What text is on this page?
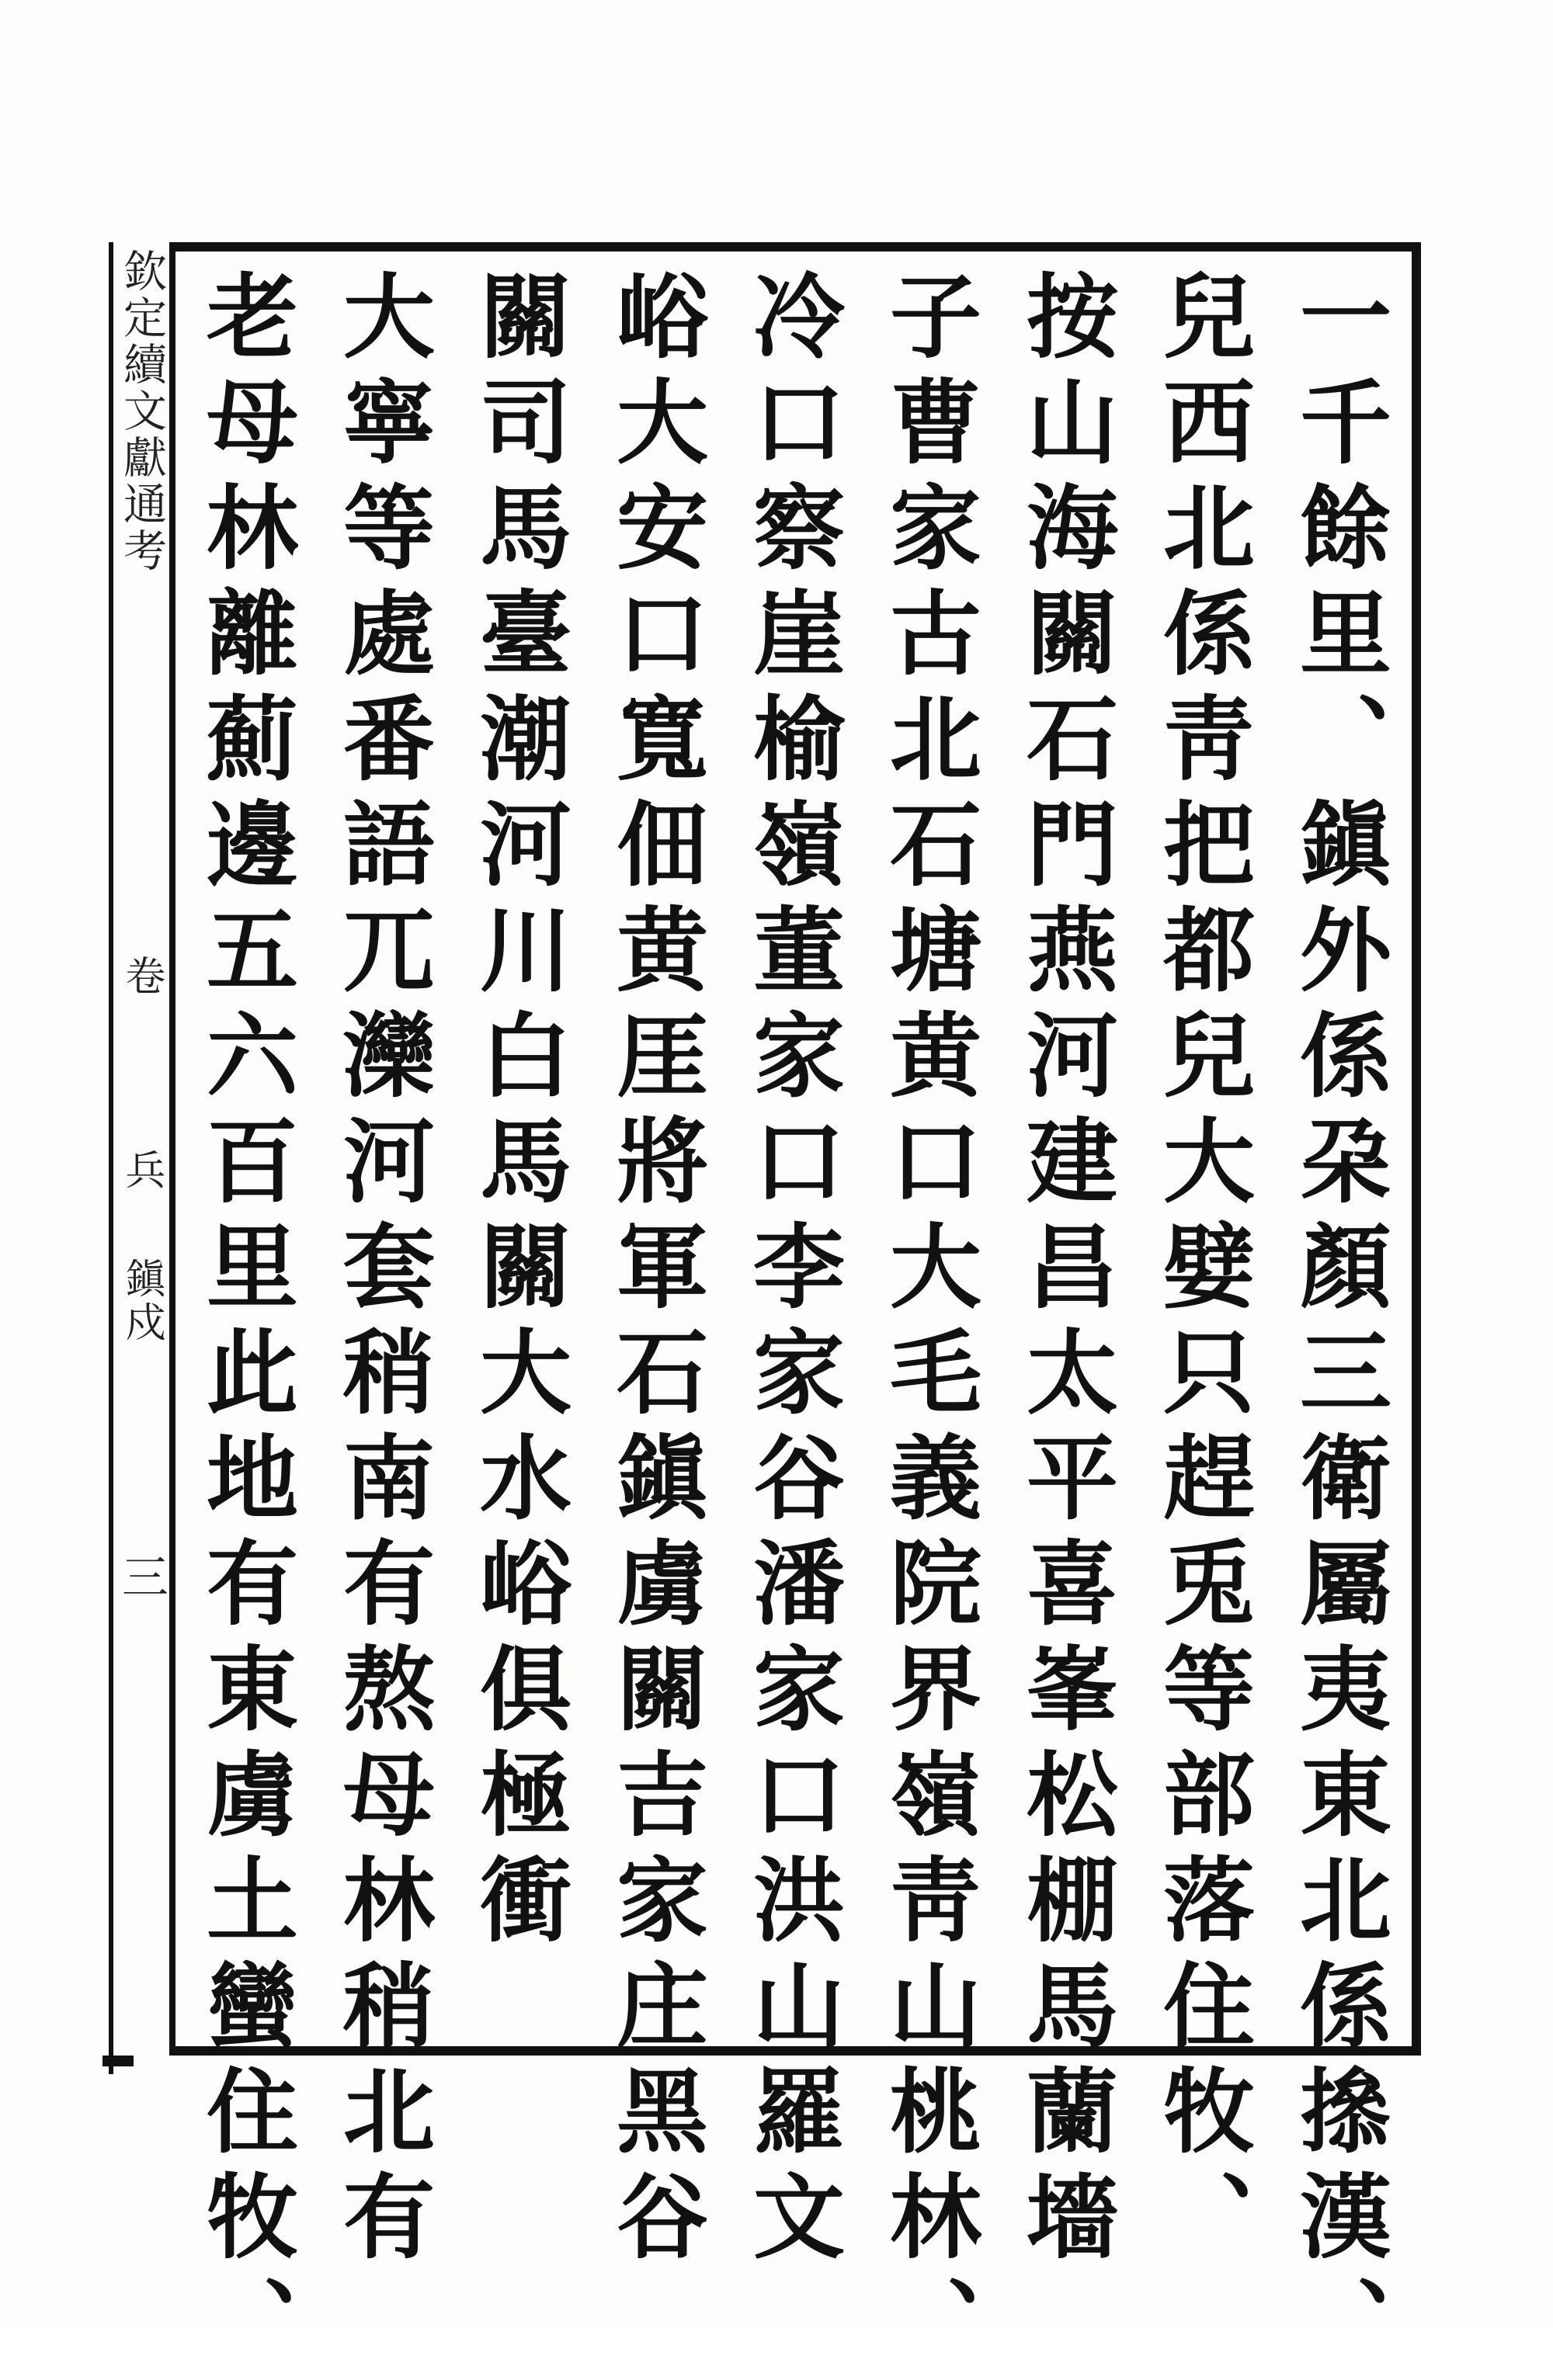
欽定續文獻通考
卷
兵
鎭戍
三	一千餘里、鎭外係朶顏三衛屬夷東北係撡漢、
兒西北係靑把都兒大嬖只趕兎等部落住牧、
按山海關石門燕河建昌太平喜峯松棚馬蘭墻
子曹家古北石塘黄口大毛義院界嶺靑山桃林、
冷口察崖榆嶺董家口李家谷潘家口洪山羅文
峪大安口寬佃黄厓將軍石鎭虜關吉家庄黑谷
關司馬臺潮河川白馬關大水峪俱極衝
大寧等處番語兀灤河套稍南有熬母林稍北有
老母林離薊邊五六百里此地有東虜土蠻住牧、
